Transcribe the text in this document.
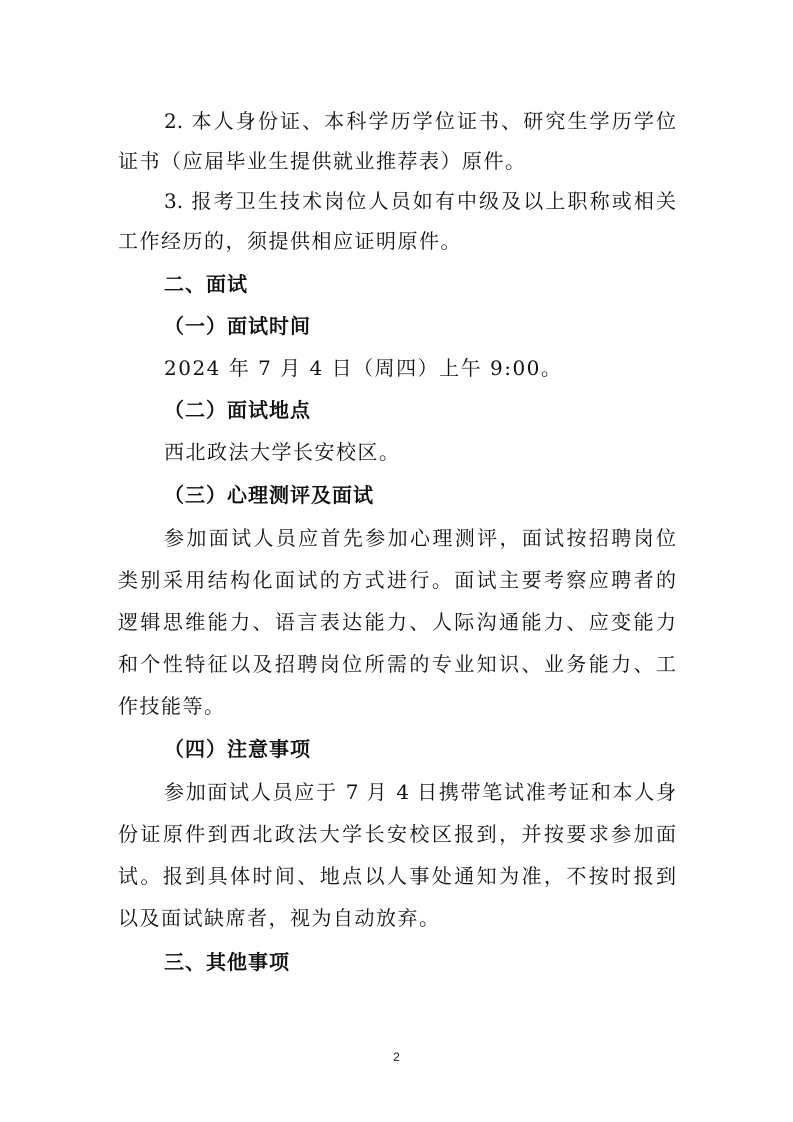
2. 本人身份证、本科学历学位证书、研究生学历学位

证书（应届毕业生提供就业推荐表）原件。

3. 报考卫生技术岗位人员如有中级及以上职称或相关

工作经历的，须提供相应证明原件。

二、面试

（一）面试时间

2024 年 7 月 4 日（周四）上午 9:00。

（二）面试地点

西北政法大学长安校区。

（三）心理测评及面试

参加面试人员应首先参加心理测评，面试按招聘岗位

类别采用结构化面试的方式进行。面试主要考察应聘者的

逻辑思维能力、语言表达能力、人际沟通能力、应变能力

和个性特征以及招聘岗位所需的专业知识、业务能力、工

作技能等。

（四）注意事项

参加面试人员应于 7 月 4 日携带笔试准考证和本人身

份证原件到西北政法大学长安校区报到，并按要求参加面

试。报到具体时间、地点以人事处通知为准，不按时报到

以及面试缺席者，视为自动放弃。

三、其他事项

2
